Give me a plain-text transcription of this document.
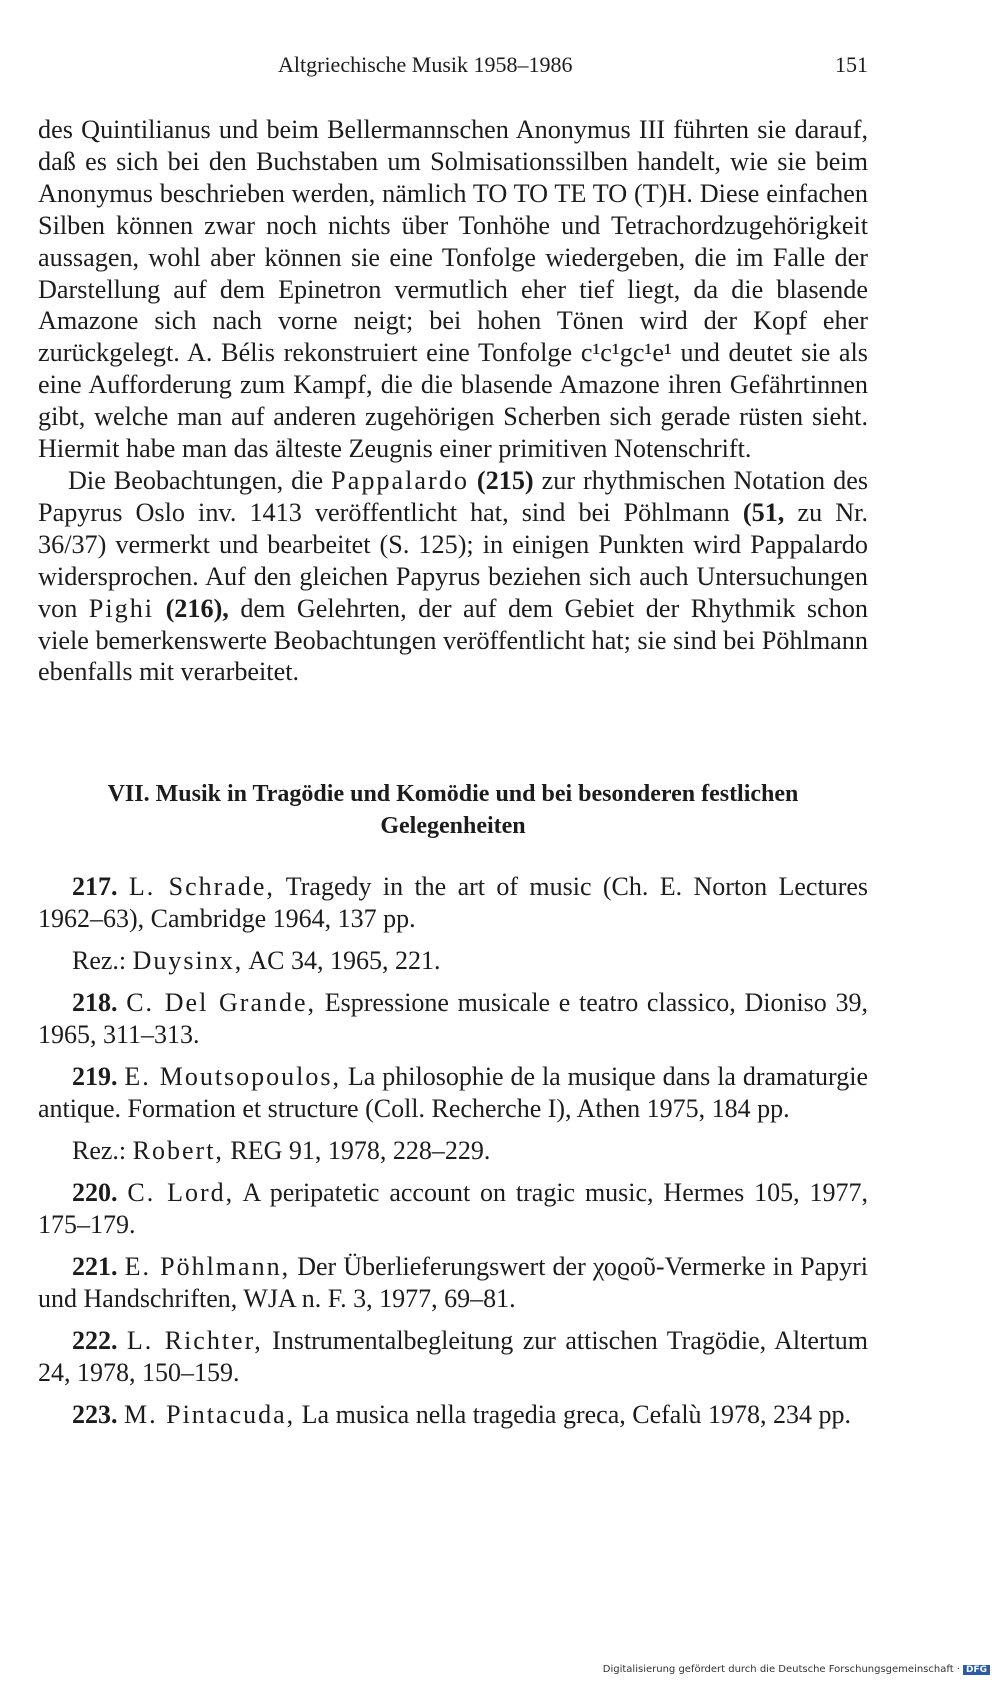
Altgriechische Musik 1958–1986	151

des Quintilianus und beim Bellermannschen Anonymus III führten sie darauf, daß es sich bei den Buchstaben um Solmisationssilben handelt, wie sie beim Anonymus beschrieben werden, nämlich TO TO TE TO (T)H. Diese einfachen Silben können zwar noch nichts über Tonhöhe und Tetrachordzugehörigkeit aussagen, wohl aber können sie eine Tonfolge wiedergeben, die im Falle der Darstellung auf dem Epinetron vermutlich eher tief liegt, da die blasende Amazone sich nach vorne neigt; bei hohen Tönen wird der Kopf eher zurückgelegt. A. Bélis rekonstruiert eine Tonfolge c¹c¹gc¹e¹ und deutet sie als eine Aufforderung zum Kampf, die die blasende Amazone ihren Gefährtinnen gibt, welche man auf anderen zugehörigen Scherben sich gerade rüsten sieht. Hiermit habe man das älteste Zeugnis einer primitiven Notenschrift.

Die Beobachtungen, die Pappalardo (215) zur rhythmischen Notation des Papyrus Oslo inv. 1413 veröffentlicht hat, sind bei Pöhlmann (51, zu Nr. 36/37) vermerkt und bearbeitet (S. 125); in einigen Punkten wird Pappalardo widersprochen. Auf den gleichen Papyrus beziehen sich auch Untersuchungen von Pighi (216), dem Gelehrten, der auf dem Gebiet der Rhythmik schon viele bemerkenswerte Beobachtungen veröffentlicht hat; sie sind bei Pöhlmann ebenfalls mit verarbeitet.

VII. Musik in Tragödie und Komödie und bei besonderen festlichen
Gelegenheiten

217. L. Schrade, Tragedy in the art of music (Ch. E. Norton Lectures 1962–63), Cambridge 1964, 137 pp.

Rez.: Duysinx, AC 34, 1965, 221.

218. C. Del Grande, Espressione musicale e teatro classico, Dioniso 39, 1965, 311–313.

219. E. Moutsopoulos, La philosophie de la musique dans la dramaturgie antique. Formation et structure (Coll. Recherche I), Athen 1975, 184 pp.

Rez.: Robert, REG 91, 1978, 228–229.

220. C. Lord, A peripatetic account on tragic music, Hermes 105, 1977, 175–179.

221. E. Pöhlmann, Der Überlieferungswert der χοϱοῦ-Vermerke in Papyri und Handschriften, WJA n. F. 3, 1977, 69–81.

222. L. Richter, Instrumentalbegleitung zur attischen Tragödie, Altertum 24, 1978, 150–159.

223. M. Pintacuda, La musica nella tragedia greca, Cefalù 1978, 234 pp.

Digitalisierung gefördert durch die Deutsche Forschungsgemeinschaft · DFG
